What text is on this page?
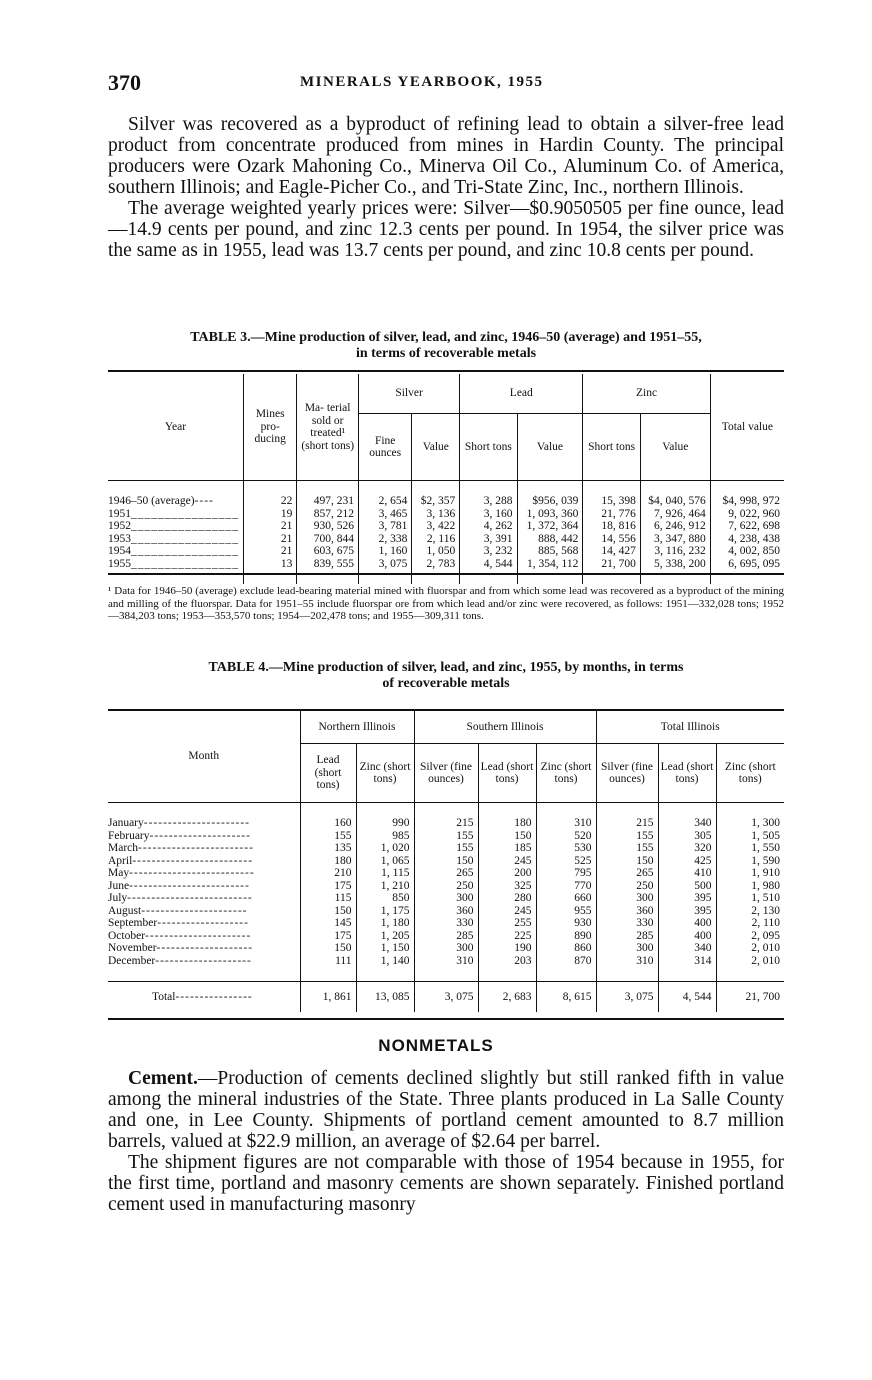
370	MINERALS YEARBOOK, 1955

Silver was recovered as a byproduct of refining lead to obtain a silver-free lead product from concentrate produced from mines in Hardin County. The principal producers were Ozark Mahoning Co., Minerva Oil Co., Aluminum Co. of America, southern Illinois; and Eagle-Picher Co., and Tri-State Zinc, Inc., northern Illinois.

The average weighted yearly prices were: Silver—$0.9050505 per fine ounce, lead—14.9 cents per pound, and zinc 12.3 cents per pound. In 1954, the silver price was the same as in 1955, lead was 13.7 cents per pound, and zinc 10.8 cents per pound.

TABLE 3.—Mine production of silver, lead, and zinc, 1946–50 (average) and 1951–55,
in terms of recoverable metals
Year	Mines pro- ducing	Ma- terial sold or treated¹ (short tons)	Silver		Lead		Zinc		Total value
			Fine ounces	Value	Short tons	Value	Short tons	Value	

1946–50 (average)----	22	497, 231	2, 654	$2, 357	3, 288	$956, 039	15, 398	$4, 040, 576	$4, 998, 972
1951________________	19	857, 212	3, 465	3, 136	3, 160	1, 093, 360	21, 776	7, 926, 464	9, 022, 960
1952________________	21	930, 526	3, 781	3, 422	4, 262	1, 372, 364	18, 816	6, 246, 912	7, 622, 698
1953________________	21	700, 844	2, 338	2, 116	3, 391	888, 442	14, 556	3, 347, 880	4, 238, 438
1954________________	21	603, 675	1, 160	1, 050	3, 232	885, 568	14, 427	3, 116, 232	4, 002, 850
1955________________	13	839, 555	3, 075	2, 783	4, 544	1, 354, 112	21, 700	5, 338, 200	6, 695, 095

¹ Data for 1946–50 (average) exclude lead-bearing material mined with fluorspar and from which some lead was recovered as a byproduct of the mining and milling of the fluorspar. Data for 1951–55 include fluorspar ore from which lead and/or zinc were recovered, as follows: 1951—332,028 tons; 1952—384,203 tons; 1953—353,570 tons; 1954—202,478 tons; and 1955—309,311 tons.
TABLE 4.—Mine production of silver, lead, and zinc, 1955, by months, in terms
of recoverable metals
Month	Northern Illinois		Southern Illinois			Total Illinois		
	Lead (short tons)	Zinc (short tons)	Silver (fine ounces)	Lead (short tons)	Zinc (short tons)	Silver (fine ounces)	Lead (short tons)	Zinc (short tons)

January----------------------	160	990	215	180	310	215	340	1, 300
February---------------------	155	985	155	150	520	155	305	1, 505
March------------------------	135	1, 020	155	185	530	155	320	1, 550
April-------------------------	180	1, 065	150	245	525	150	425	1, 590
May--------------------------	210	1, 115	265	200	795	265	410	1, 910
June-------------------------	175	1, 210	250	325	770	250	500	1, 980
July--------------------------	115	850	300	280	660	300	395	1, 510
August----------------------	150	1, 175	360	245	955	360	395	2, 130
September-------------------	145	1, 180	330	255	930	330	400	2, 110
October----------------------	175	1, 205	285	225	890	285	400	2, 095
November--------------------	150	1, 150	300	190	860	300	340	2, 010
December--------------------	111	1, 140	310	203	870	310	314	2, 010

Total----------------	1, 861	13, 085	3, 075	2, 683	8, 615	3, 075	4, 544	21, 700
NONMETALS

Cement.—Production of cements declined slightly but still ranked fifth in value among the mineral industries of the State. Three plants produced in La Salle County and one, in Lee County. Shipments of portland cement amounted to 8.7 million barrels, valued at $22.9 million, an average of $2.64 per barrel.

The shipment figures are not comparable with those of 1954 because in 1955, for the first time, portland and masonry cements are shown separately. Finished portland cement used in manufacturing masonry
